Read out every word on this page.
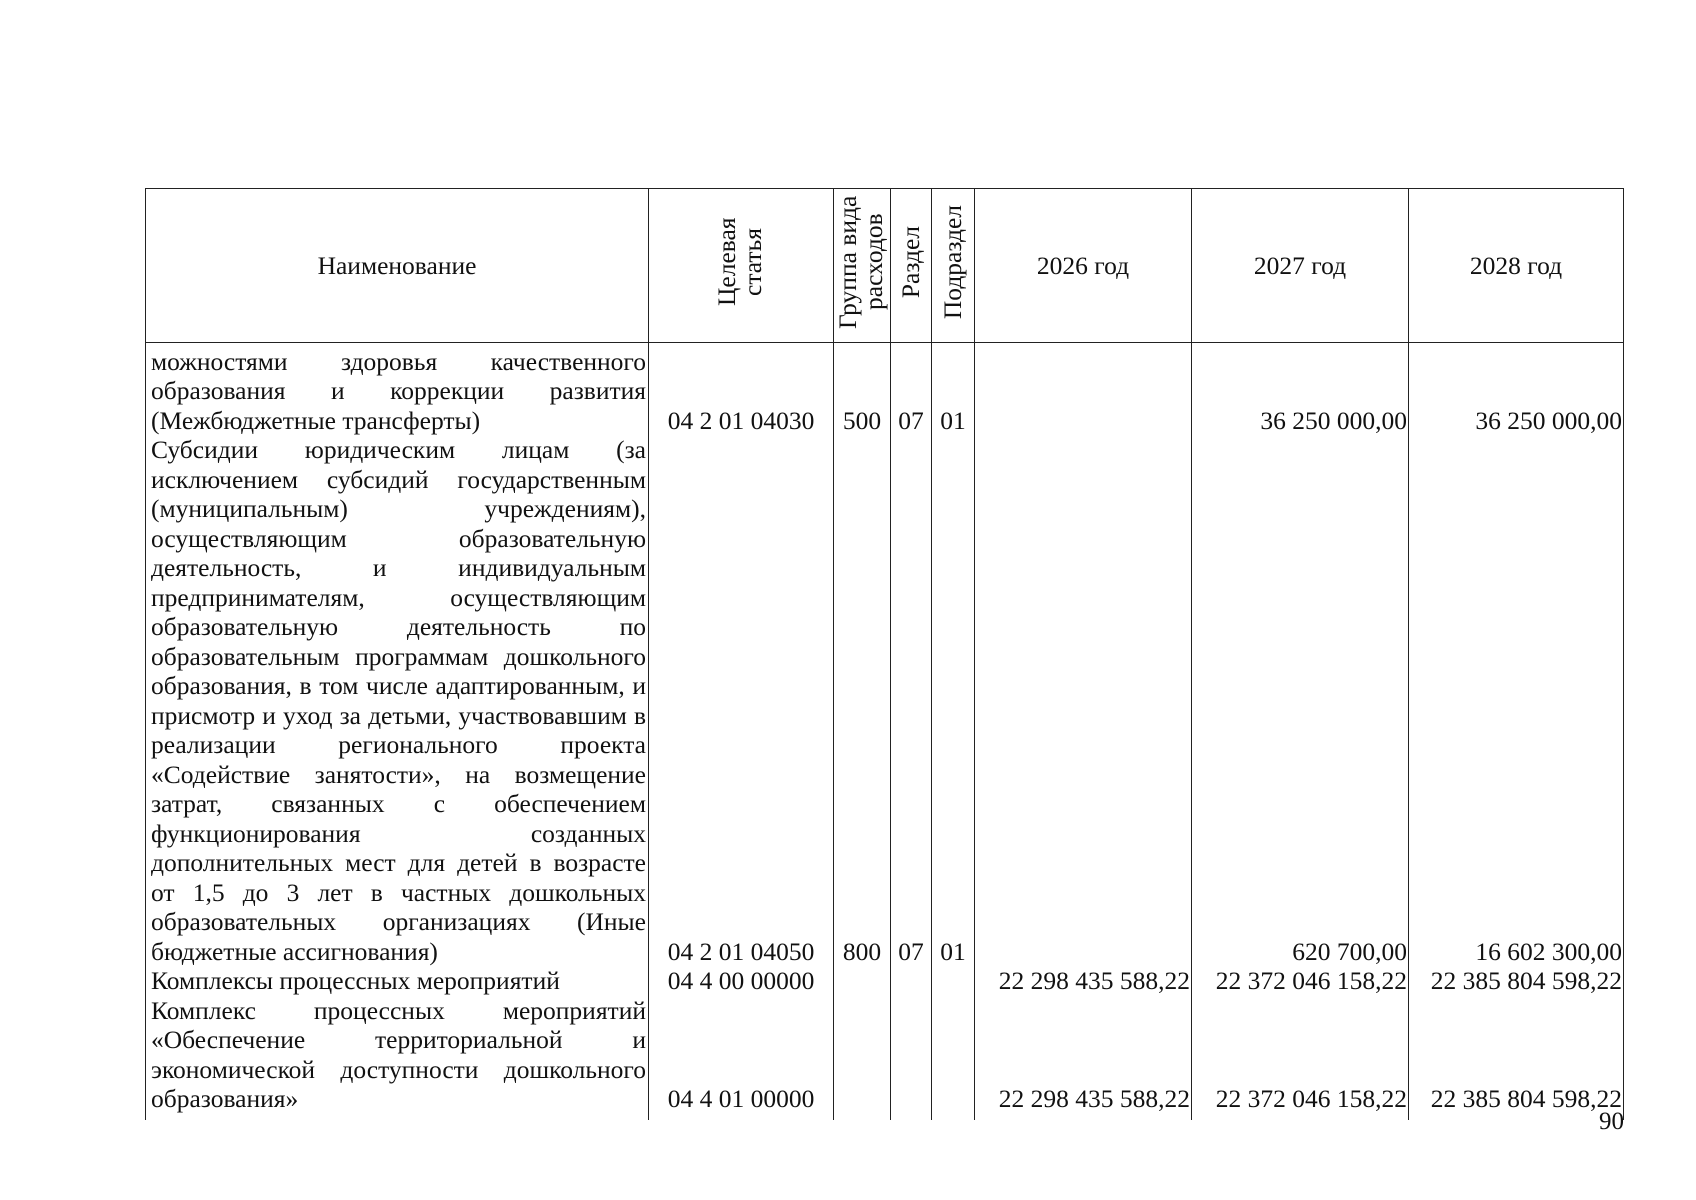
Наименование	Целевая статья	Группа вида расходов	Раздел	Подраздел	2026 год	2027 год	2028 год
можностями здоровья качественного образования и коррекции развития (Межбюджетные трансферты)	04 2 01 04030	500	07	01		36 250 000,00	36 250 000,00
Субсидии юридическим лицам (за исключением субсидий государственным (муниципальным) учреждениям), осуществляющим образовательную деятельность, и индивидуальным предпринимателям, осуществляющим образовательную деятельность по образовательным программам дошкольного образования, в том числе адаптированным, и присмотр и уход за детьми, участвовавшим в реализации регионального проекта «Содействие занятости», на возмещение затрат, связанных с обеспечением функционирования созданных дополнительных мест для детей в возрасте от 1,5 до 3 лет в частных дошкольных образовательных организациях (Иные бюджетные ассигнования)	04 2 01 04050	800	07	01		620 700,00	16 602 300,00
Комплексы процессных мероприятий	04 4 00 00000				22 298 435 588,22	22 372 046 158,22	22 385 804 598,22
Комплекс процессных мероприятий «Обеспечение территориальной и экономической доступности дошкольного образования»	04 4 01 00000				22 298 435 588,22	22 372 046 158,22	22 385 804 598,22
90
